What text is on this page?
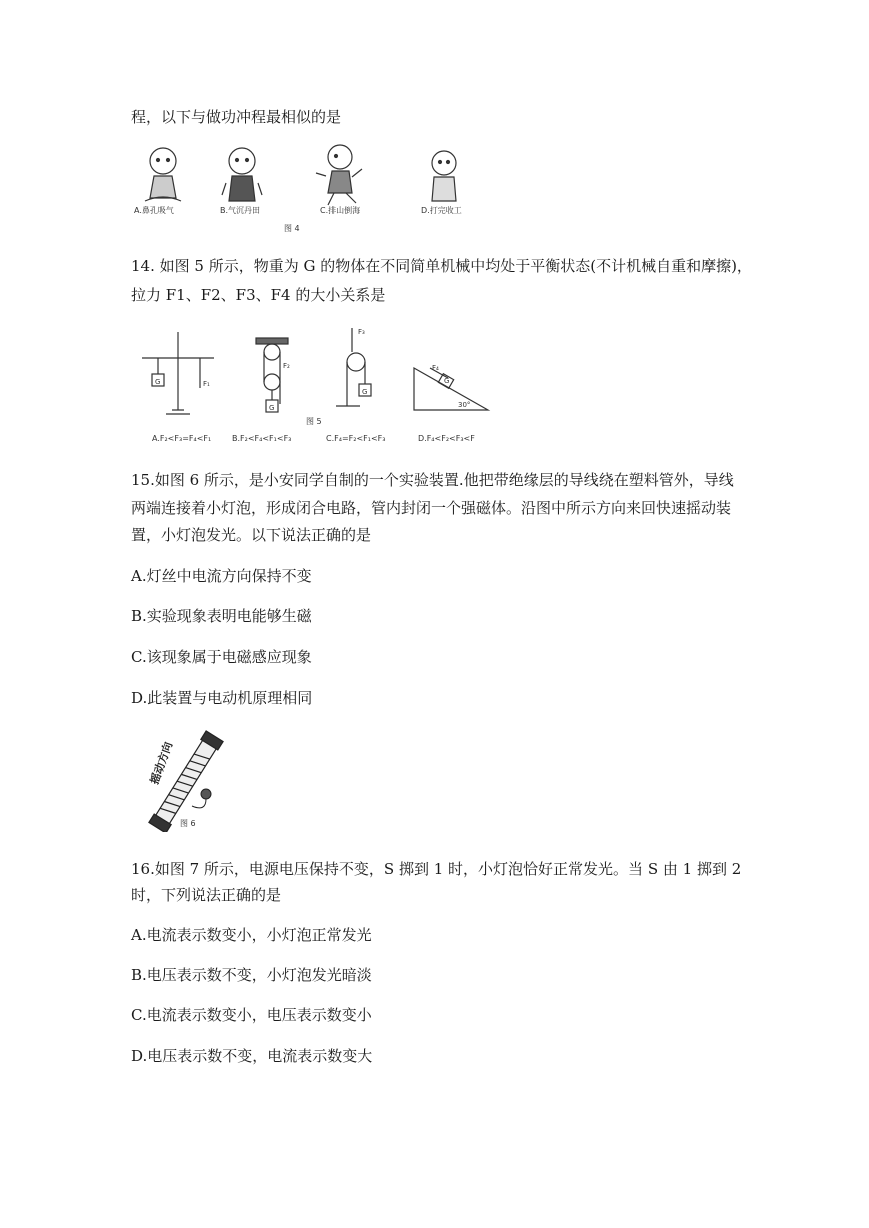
程，以下与做功冲程最相似的是
A.鼻孔吸气	B.气沉丹田	C.排山倒海	D.打完收工
图 4
14. 如图 5 所示，物重为 G 的物体在不同简单机械中均处于平衡状态(不计机械自重和摩擦)，
拉力 F1、F2、F3、F4 的大小关系是
G	F₁
G
F₂
F₃
G
F₄
G
30°
图 5
A.F₂<F₃=F₄<F₁	B.F₂<F₄<F₁<F₃	C.F₄=F₂<F₁<F₃	D.F₄<F₂<F₃<F
15.如图 6 所示，是小安同学自制的一个实验装置.他把带绝缘层的导线绕在塑料管外，导线
两端连接着小灯泡，形成闭合电路，管内封闭一个强磁体。沿图中所示方向来回快速摇动装
置，小灯泡发光。以下说法正确的是
A.灯丝中电流方向保持不变
B.实验现象表明电能够生磁
C.该现象属于电磁感应现象
D.此装置与电动机原理相同
摇动方向
图 6
16.如图 7 所示，电源电压保持不变，S 掷到 1 时，小灯泡恰好正常发光。当 S 由 1 掷到 2
时，下列说法正确的是
A.电流表示数变小，小灯泡正常发光
B.电压表示数不变，小灯泡发光暗淡
C.电流表示数变小，电压表示数变小
D.电压表示数不变，电流表示数变大
